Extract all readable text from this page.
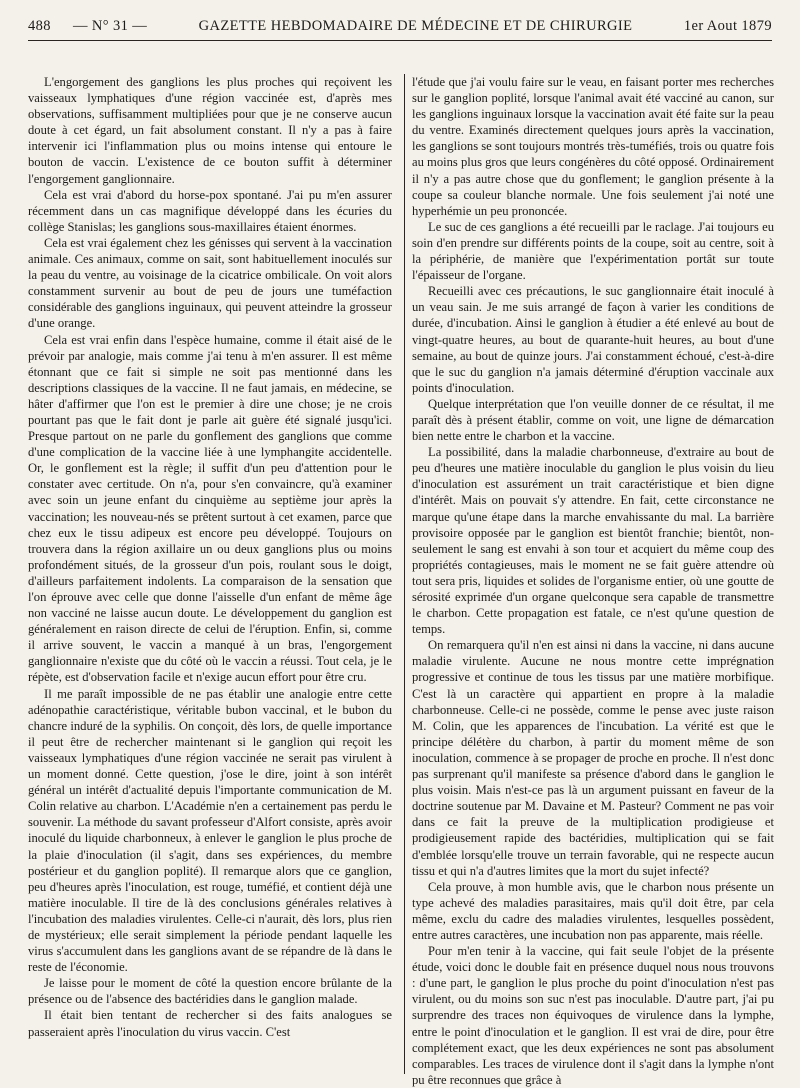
488 — N° 31 —	GAZETTE HEBDOMADAIRE DE MÉDECINE ET DE CHIRURGIE	1er Aout 1879

L'engorgement des ganglions les plus proches qui reçoivent les vaisseaux lymphatiques d'une région vaccinée est, d'après mes observations, suffisamment multipliées pour que je ne conserve aucun doute à cet égard, un fait absolument constant. Il n'y a pas à faire intervenir ici l'inflammation plus ou moins intense qui entoure le bouton de vaccin. L'existence de ce bouton suffit à déterminer l'engorgement ganglionnaire.

Cela est vrai d'abord du horse-pox spontané. J'ai pu m'en assurer récemment dans un cas magnifique développé dans les écuries du collège Stanislas; les ganglions sous-maxillaires étaient énormes.

Cela est vrai également chez les génisses qui servent à la vaccination animale. Ces animaux, comme on sait, sont habituellement inoculés sur la peau du ventre, au voisinage de la cicatrice ombilicale. On voit alors constamment survenir au bout de peu de jours une tuméfaction considérable des ganglions inguinaux, qui peuvent atteindre la grosseur d'une orange.

Cela est vrai enfin dans l'espèce humaine, comme il était aisé de le prévoir par analogie, mais comme j'ai tenu à m'en assurer. Il est même étonnant que ce fait si simple ne soit pas mentionné dans les descriptions classiques de la vaccine. Il ne faut jamais, en médecine, se hâter d'affirmer que l'on est le premier à dire une chose; je ne crois pourtant pas que le fait dont je parle ait guère été signalé jusqu'ici. Presque partout on ne parle du gonflement des ganglions que comme d'une complication de la vaccine liée à une lymphangite accidentelle. Or, le gonflement est la règle; il suffit d'un peu d'attention pour le constater avec certitude. On n'a, pour s'en convaincre, qu'à examiner avec soin un jeune enfant du cinquième au septième jour après la vaccination; les nouveau-nés se prêtent surtout à cet examen, parce que chez eux le tissu adipeux est encore peu développé. Toujours on trouvera dans la région axillaire un ou deux ganglions plus ou moins profondément situés, de la grosseur d'un pois, roulant sous le doigt, d'ailleurs parfaitement indolents. La comparaison de la sensation que l'on éprouve avec celle que donne l'aisselle d'un enfant de même âge non vacciné ne laisse aucun doute. Le développement du ganglion est généralement en raison directe de celui de l'éruption. Enfin, si, comme il arrive souvent, le vaccin a manqué à un bras, l'engorgement ganglionnaire n'existe que du côté où le vaccin a réussi. Tout cela, je le répète, est d'observation facile et n'exige aucun effort pour être cru.

Il me paraît impossible de ne pas établir une analogie entre cette adénopathie caractéristique, véritable bubon vaccinal, et le bubon du chancre induré de la syphilis. On conçoit, dès lors, de quelle importance il peut être de rechercher maintenant si le ganglion qui reçoit les vaisseaux lymphatiques d'une région vaccinée ne serait pas virulent à un moment donné. Cette question, j'ose le dire, joint à son intérêt général un intérêt d'actualité depuis l'importante communication de M. Colin relative au charbon. L'Académie n'en a certainement pas perdu le souvenir. La méthode du savant professeur d'Alfort consiste, après avoir inoculé du liquide charbonneux, à enlever le ganglion le plus proche de la plaie d'inoculation (il s'agit, dans ses expériences, du membre postérieur et du ganglion poplité). Il remarque alors que ce ganglion, peu d'heures après l'inoculation, est rouge, tuméfié, et contient déjà une matière inoculable. Il tire de là des conclusions générales relatives à l'incubation des maladies virulentes. Celle-ci n'aurait, dès lors, plus rien de mystérieux; elle serait simplement la période pendant laquelle les virus s'accumulent dans les ganglions avant de se répandre de là dans le reste de l'économie.

Je laisse pour le moment de côté la question encore brûlante de la présence ou de l'absence des bactéridies dans le ganglion malade.

Il était bien tentant de rechercher si des faits analogues se passeraient après l'inoculation du virus vaccin. C'est

l'étude que j'ai voulu faire sur le veau, en faisant porter mes recherches sur le ganglion poplité, lorsque l'animal avait été vacciné au canon, sur les ganglions inguinaux lorsque la vaccination avait été faite sur la peau du ventre. Examinés directement quelques jours après la vaccination, les ganglions se sont toujours montrés très-tuméfiés, trois ou quatre fois au moins plus gros que leurs congénères du côté opposé. Ordinairement il n'y a pas autre chose que du gonflement; le ganglion présente à la coupe sa couleur blanche normale. Une fois seulement j'ai noté une hyperhémie un peu prononcée.

Le suc de ces ganglions a été recueilli par le raclage. J'ai toujours eu soin d'en prendre sur différents points de la coupe, soit au centre, soit à la périphérie, de manière que l'expérimentation portât sur toute l'épaisseur de l'organe.

Recueilli avec ces précautions, le suc ganglionnaire était inoculé à un veau sain. Je me suis arrangé de façon à varier les conditions de durée, d'incubation. Ainsi le ganglion à étudier a été enlevé au bout de vingt-quatre heures, au bout de quarante-huit heures, au bout d'une semaine, au bout de quinze jours. J'ai constamment échoué, c'est-à-dire que le suc du ganglion n'a jamais déterminé d'éruption vaccinale aux points d'inoculation.

Quelque interprétation que l'on veuille donner de ce résultat, il me paraît dès à présent établir, comme on voit, une ligne de démarcation bien nette entre le charbon et la vaccine.

La possibilité, dans la maladie charbonneuse, d'extraire au bout de peu d'heures une matière inoculable du ganglion le plus voisin du lieu d'inoculation est assurément un trait caractéristique et bien digne d'intérêt. Mais on pouvait s'y attendre. En fait, cette circonstance ne marque qu'une étape dans la marche envahissante du mal. La barrière provisoire opposée par le ganglion est bientôt franchie; bientôt, non-seulement le sang est envahi à son tour et acquiert du même coup des propriétés contagieuses, mais le moment ne se fait guère attendre où tout sera pris, liquides et solides de l'organisme entier, où une goutte de sérosité exprimée d'un organe quelconque sera capable de transmettre le charbon. Cette propagation est fatale, ce n'est qu'une question de temps.

On remarquera qu'il n'en est ainsi ni dans la vaccine, ni dans aucune maladie virulente. Aucune ne nous montre cette imprégnation progressive et continue de tous les tissus par une matière morbifique. C'est là un caractère qui appartient en propre à la maladie charbonneuse. Celle-ci ne possède, comme le pense avec juste raison M. Colin, que les apparences de l'incubation. La vérité est que le principe délétère du charbon, à partir du moment même de son inoculation, commence à se propager de proche en proche. Il n'est donc pas surprenant qu'il manifeste sa présence d'abord dans le ganglion le plus voisin. Mais n'est-ce pas là un argument puissant en faveur de la doctrine soutenue par M. Davaine et M. Pasteur? Comment ne pas voir dans ce fait la preuve de la multiplication prodigieuse et prodigieusement rapide des bactéridies, multiplication qui se fait d'emblée lorsqu'elle trouve un terrain favorable, qui ne respecte aucun tissu et qui n'a d'autres limites que la mort du sujet infecté?

Cela prouve, à mon humble avis, que le charbon nous présente un type achevé des maladies parasitaires, mais qu'il doit être, par cela même, exclu du cadre des maladies virulentes, lesquelles possèdent, entre autres caractères, une incubation non pas apparente, mais réelle.

Pour m'en tenir à la vaccine, qui fait seule l'objet de la présente étude, voici donc le double fait en présence duquel nous nous trouvons : d'une part, le ganglion le plus proche du point d'inoculation n'est pas virulent, ou du moins son suc n'est pas inoculable. D'autre part, j'ai pu surprendre des traces non équivoques de virulence dans la lymphe, entre le point d'inoculation et le ganglion. Il est vrai de dire, pour être complétement exact, que les deux expériences ne sont pas absolument comparables. Les traces de virulence dont il s'agit dans la lymphe n'ont pu être reconnues que grâce à
